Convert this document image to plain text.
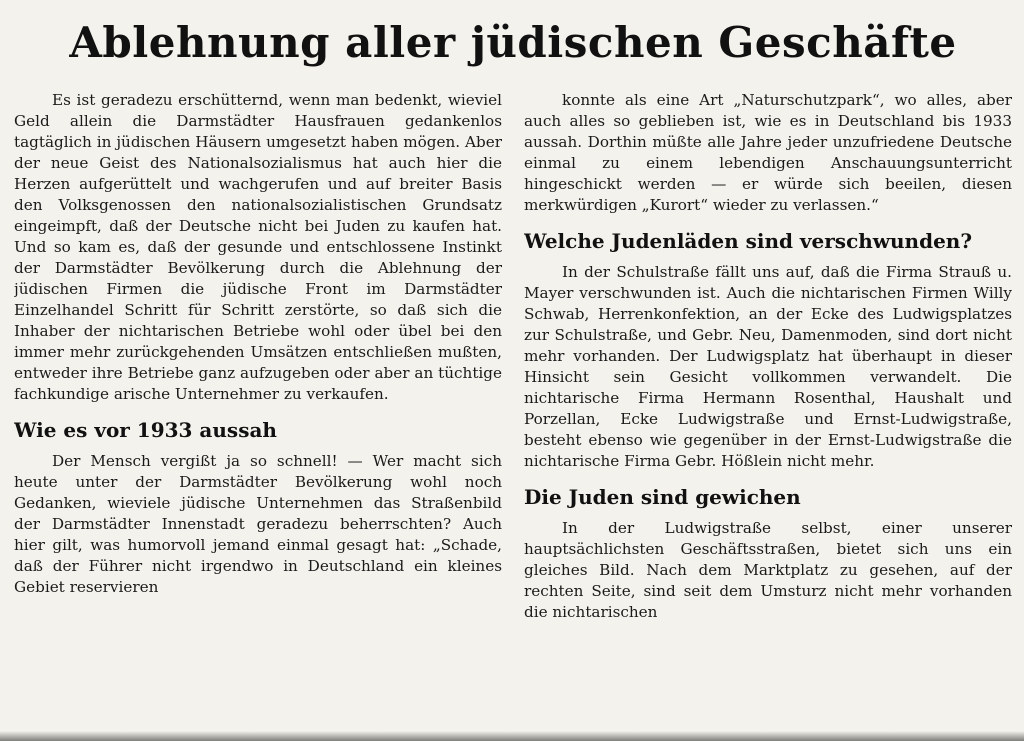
Ablehnung aller jüdischen Geschäfte

Es ist geradezu erschütternd, wenn man bedenkt, wieviel Geld allein die Darmstädter Hausfrauen gedankenlos tagtäglich in jüdischen Häusern umgesetzt haben mögen. Aber der neue Geist des Nationalsozialismus hat auch hier die Herzen aufgerüttelt und wachgerufen und auf breiter Basis den Volksgenossen den nationalsozialistischen Grundsatz eingeimpft, daß der Deutsche nicht bei Juden zu kaufen hat. Und so kam es, daß der gesunde und entschlossene Instinkt der Darmstädter Bevölkerung durch die Ablehnung der jüdischen Firmen die jüdische Front im Darmstädter Einzelhandel Schritt für Schritt zerstörte, so daß sich die Inhaber der nichtarischen Betriebe wohl oder übel bei den immer mehr zurückgehenden Umsätzen entschließen mußten, entweder ihre Betriebe ganz aufzugeben oder aber an tüchtige fachkundige arische Unternehmer zu verkaufen.

Wie es vor 1933 aussah

Der Mensch vergißt ja so schnell! — Wer macht sich heute unter der Darmstädter Bevölkerung wohl noch Gedanken, wieviele jüdische Unternehmen das Straßenbild der Darmstädter Innenstadt geradezu beherrschten? Auch hier gilt, was humorvoll jemand einmal gesagt hat: „Schade, daß der Führer nicht irgendwo in Deutschland ein kleines Gebiet reservieren

konnte als eine Art „Naturschutzpark“, wo alles, aber auch alles so geblieben ist, wie es in Deutschland bis 1933 aussah. Dorthin müßte alle Jahre jeder unzufriedene Deutsche einmal zu einem lebendigen Anschauungsunterricht hingeschickt werden — er würde sich beeilen, diesen merkwürdigen „Kurort“ wieder zu verlassen.“

Welche Judenläden sind verschwunden?

In der Schulstraße fällt uns auf, daß die Firma Strauß u. Mayer verschwunden ist. Auch die nichtarischen Firmen Willy Schwab, Herrenkonfektion, an der Ecke des Ludwigsplatzes zur Schulstraße, und Gebr. Neu, Damenmoden, sind dort nicht mehr vorhanden. Der Ludwigsplatz hat überhaupt in dieser Hinsicht sein Gesicht vollkommen verwandelt. Die nichtarische Firma Hermann Rosenthal, Haushalt und Porzellan, Ecke Ludwigstraße und Ernst-Ludwigstraße, besteht ebenso wie gegenüber in der Ernst-Ludwigstraße die nichtarische Firma Gebr. Hößlein nicht mehr.

Die Juden sind gewichen

In der Ludwigstraße selbst, einer unserer hauptsächlichsten Geschäftsstraßen, bietet sich uns ein gleiches Bild. Nach dem Marktplatz zu gesehen, auf der rechten Seite, sind seit dem Umsturz nicht mehr vorhanden die nichtarischen
